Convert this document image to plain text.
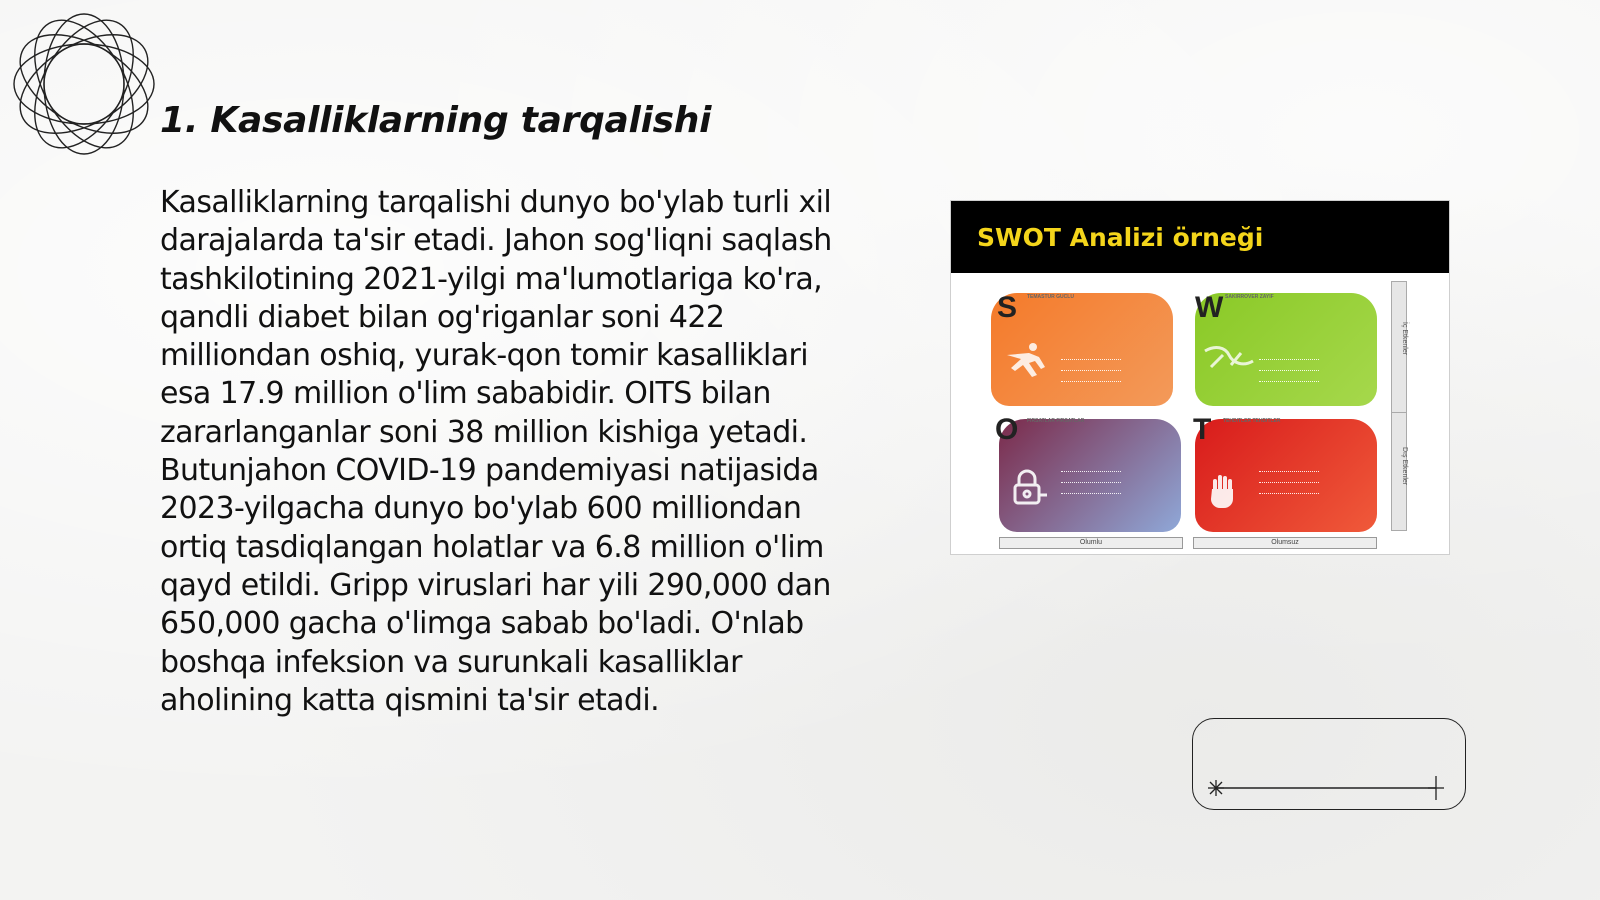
1. Kasalliklarning tarqalishi

Kasalliklarning tarqalishi dunyo bo'ylab turli xil darajalarda ta'sir etadi. Jahon sog'liqni saqlash tashkilotining 2021-yilgi ma'lumotlariga ko'ra, qandli diabet bilan og'riganlar soni 422 milliondan oshiq, yurak-qon tomir kasalliklari esa 17.9 million o'lim sababidir. OITS bilan zararlanganlar soni 38 million kishiga yetadi. Butunjahon COVID-19 pandemiyasi natijasida 2023-yilgacha dunyo bo'ylab 600 milliondan ortiq tasdiqlangan holatlar va 6.8 million o'lim qayd etildi. Gripp viruslari har yili 290,000 dan 650,000 gacha o'limga sabab bo'ladi. O'nlab boshqa infeksion va surunkali kasalliklar aholining katta qismini ta'sir etadi.

SWOT Analizi örneği
S	W
O	T
TEMASTUR GUCLU	SAKIRROVER ZAYIF
FIRSATLAR FIRSATLAR	TEHDITLER TEHDITLER
İç Etkenler
Dış Etkenler
Olumlu	Olumsuz
